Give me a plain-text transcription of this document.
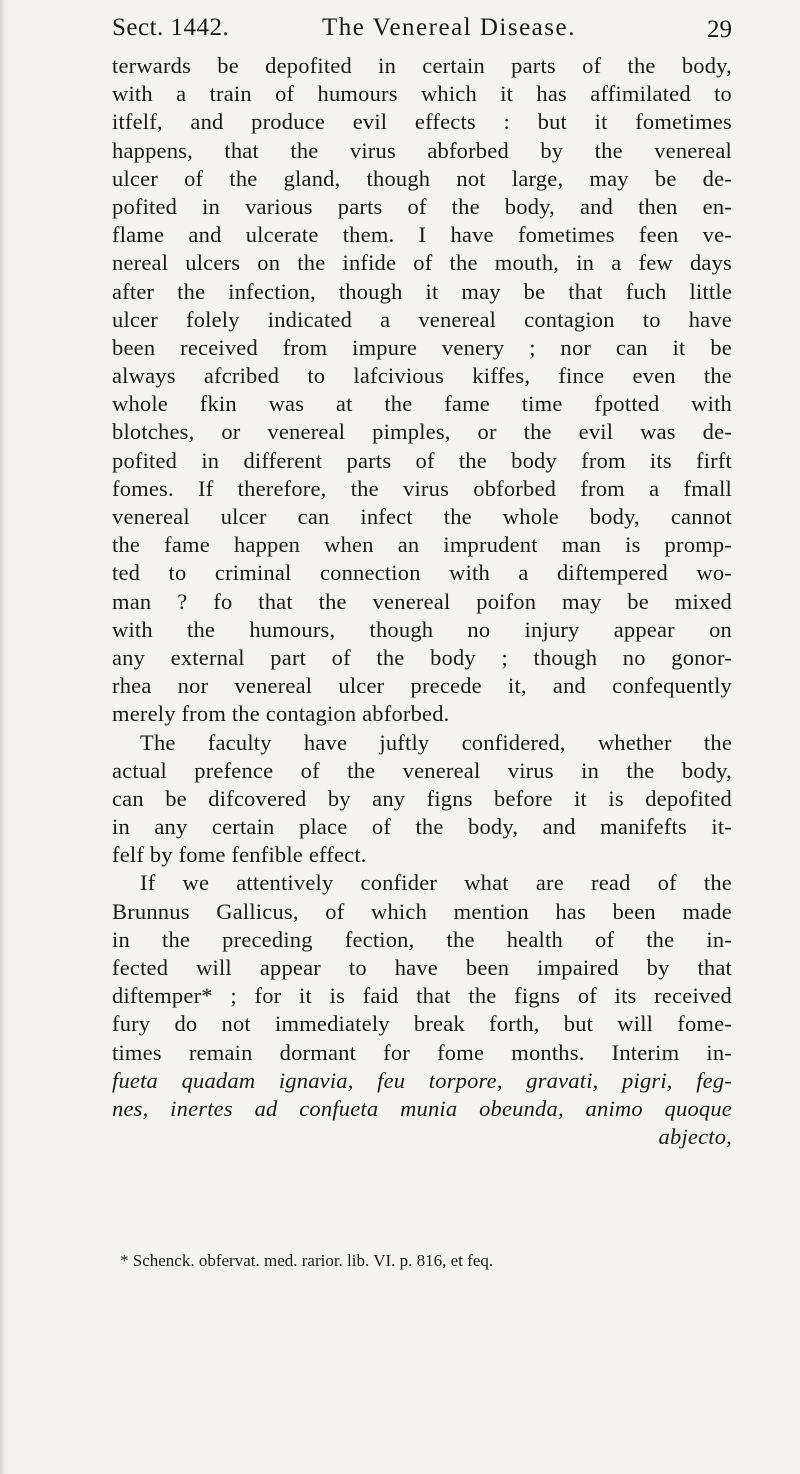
Sect. 1442.	The Venereal Disease.	29
terwards be depofited in certain parts of the body,
with a train of humours which it has affimilated to
itfelf, and produce evil effects : but it fometimes
happens, that the virus abforbed by the venereal
ulcer of the gland, though not large, may be de-
pofited in various parts of the body, and then en-
flame and ulcerate them. I have fometimes feen ve-
nereal ulcers on the infide of the mouth, in a few days
after the infection, though it may be that fuch little
ulcer folely indicated a venereal contagion to have
been received from impure venery ; nor can it be
always afcribed to lafcivious kiffes, fince even the
whole fkin was at the fame time fpotted with
blotches, or venereal pimples, or the evil was de-
pofited in different parts of the body from its firft
fomes. If therefore, the virus obforbed from a fmall
venereal ulcer can infect the whole body, cannot
the fame happen when an imprudent man is promp-
ted to criminal connection with a diftempered wo-
man ? fo that the venereal poifon may be mixed
with the humours, though no injury appear on
any external part of the body ; though no gonor-
rhea nor venereal ulcer precede it, and confequently
merely from the contagion abforbed.
The faculty have juftly confidered, whether the
actual prefence of the venereal virus in the body,
can be difcovered by any figns before it is depofited
in any certain place of the body, and manifefts it-
felf by fome fenfible effect.
If we attentively confider what are read of the
Brunnus Gallicus, of which mention has been made
in the preceding fection, the health of the in-
fected will appear to have been impaired by that
diftemper* ; for it is faid that the figns of its received
fury do not immediately break forth, but will fome-
times remain dormant for fome months. Interim in-
fueta quadam ignavia, feu torpore, gravati, pigri, feg-
nes, inertes ad confueta munia obeunda, animo quoque
abjecto,
* Schenck. obfervat. med. rarior. lib. VI. p. 816, et feq.
